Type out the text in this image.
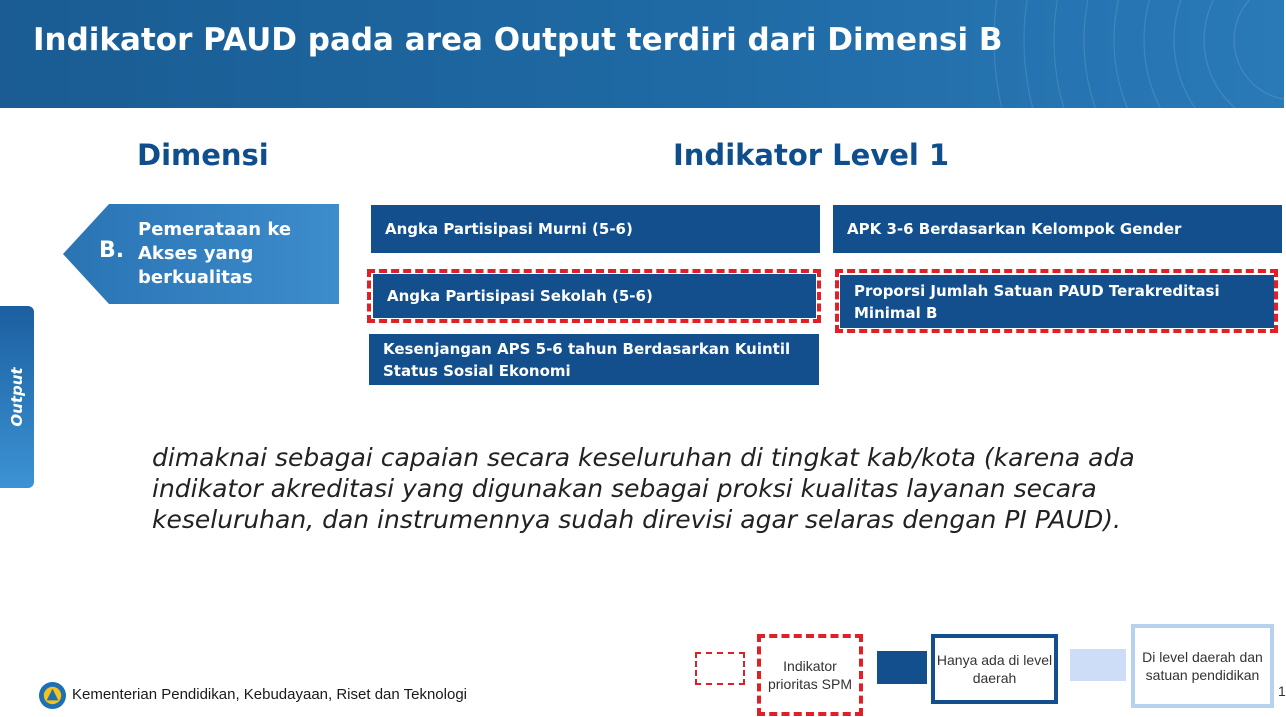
Indikator PAUD pada area Output terdiri dari Dimensi B
Dimensi	Indikator Level 1
B.
Pemerataan ke Akses yang berkualitas
Output
Angka Partisipasi Murni (5-6)	APK 3-6 Berdasarkan Kelompok Gender
Angka Partisipasi Sekolah (5-6)	Proporsi Jumlah Satuan PAUD Terakreditasi Minimal B
Kesenjangan APS 5-6 tahun Berdasarkan Kuintil Status Sosial Ekonomi
dimaknai sebagai capaian secara keseluruhan di tingkat kab/kota (karena ada indikator akreditasi yang digunakan sebagai proksi kualitas layanan secara keseluruhan, dan instrumennya sudah direvisi agar selaras dengan PI PAUD).
Kementerian Pendidikan, Kebudayaan, Riset dan Teknologi
Indikator prioritas SPM
Hanya ada di level daerah
Di level daerah dan satuan pendidikan
1
